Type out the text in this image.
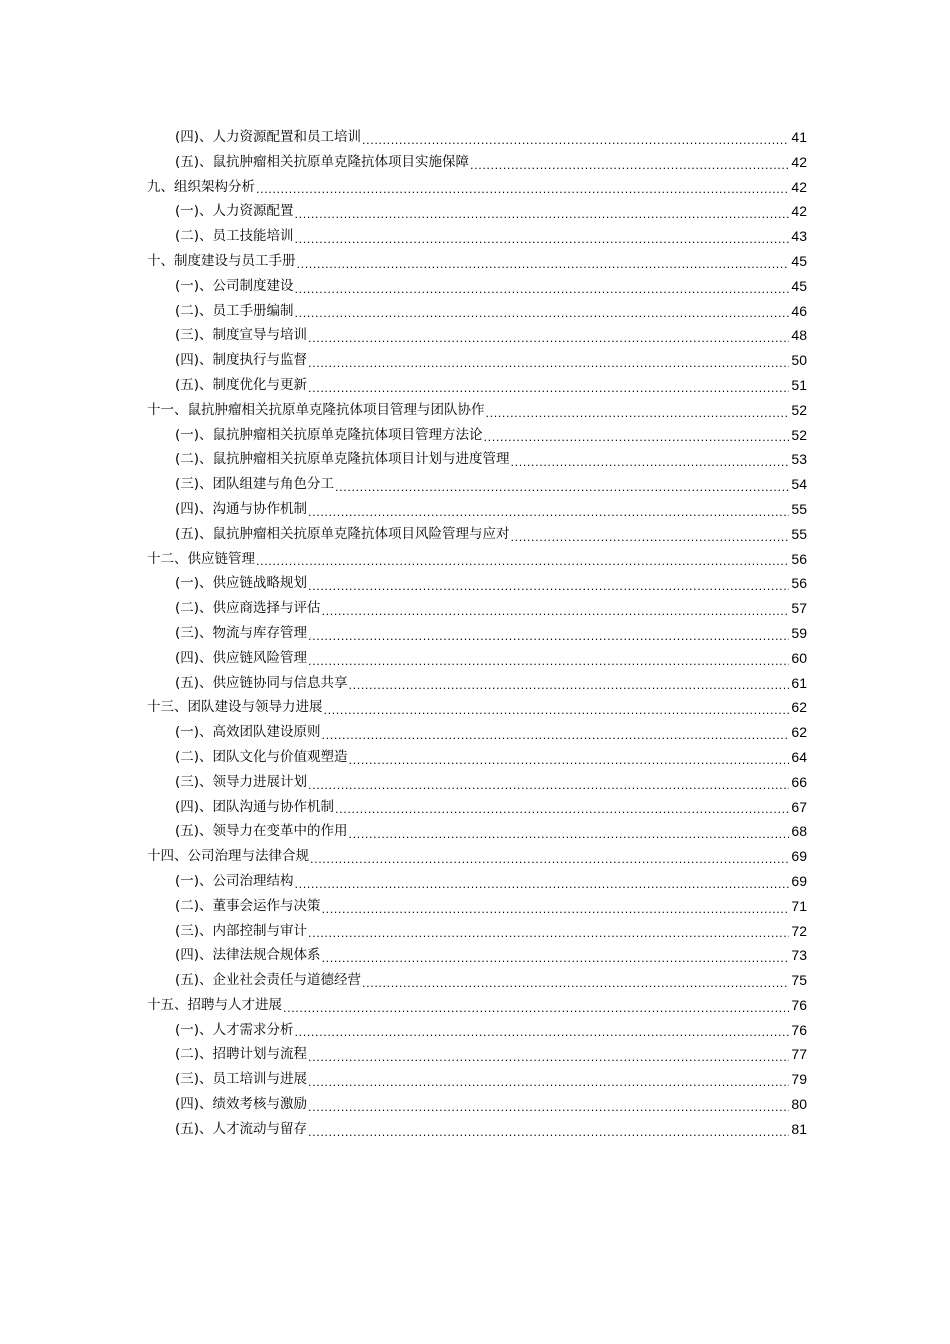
(四)、人力资源配置和员工培训 .....	41
(五)、鼠抗肿瘤相关抗原单克隆抗体项目实施保障 .....	42
九、组织架构分析 .....	42
(一)、人力资源配置 .....	42
(二)、员工技能培训 .....	43
十、制度建设与员工手册 .....	45
(一)、公司制度建设 .....	45
(二)、员工手册编制 .....	46
(三)、制度宣导与培训 .....	48
(四)、制度执行与监督 .....	50
(五)、制度优化与更新 .....	51
十一、鼠抗肿瘤相关抗原单克隆抗体项目管理与团队协作 .....	52
(一)、鼠抗肿瘤相关抗原单克隆抗体项目管理方法论 .....	52
(二)、鼠抗肿瘤相关抗原单克隆抗体项目计划与进度管理 .....	53
(三)、团队组建与角色分工 .....	54
(四)、沟通与协作机制 .....	55
(五)、鼠抗肿瘤相关抗原单克隆抗体项目风险管理与应对 .....	55
十二、供应链管理 .....	56
(一)、供应链战略规划 .....	56
(二)、供应商选择与评估 .....	57
(三)、物流与库存管理 .....	59
(四)、供应链风险管理 .....	60
(五)、供应链协同与信息共享 .....	61
十三、团队建设与领导力进展 .....	62
(一)、高效团队建设原则 .....	62
(二)、团队文化与价值观塑造 .....	64
(三)、领导力进展计划 .....	66
(四)、团队沟通与协作机制 .....	67
(五)、领导力在变革中的作用 .....	68
十四、公司治理与法律合规 .....	69
(一)、公司治理结构 .....	69
(二)、董事会运作与决策 .....	71
(三)、内部控制与审计 .....	72
(四)、法律法规合规体系 .....	73
(五)、企业社会责任与道德经营 .....	75
十五、招聘与人才进展 .....	76
(一)、人才需求分析 .....	76
(二)、招聘计划与流程 .....	77
(三)、员工培训与进展 .....	79
(四)、绩效考核与激励 .....	80
(五)、人才流动与留存 .....	81
